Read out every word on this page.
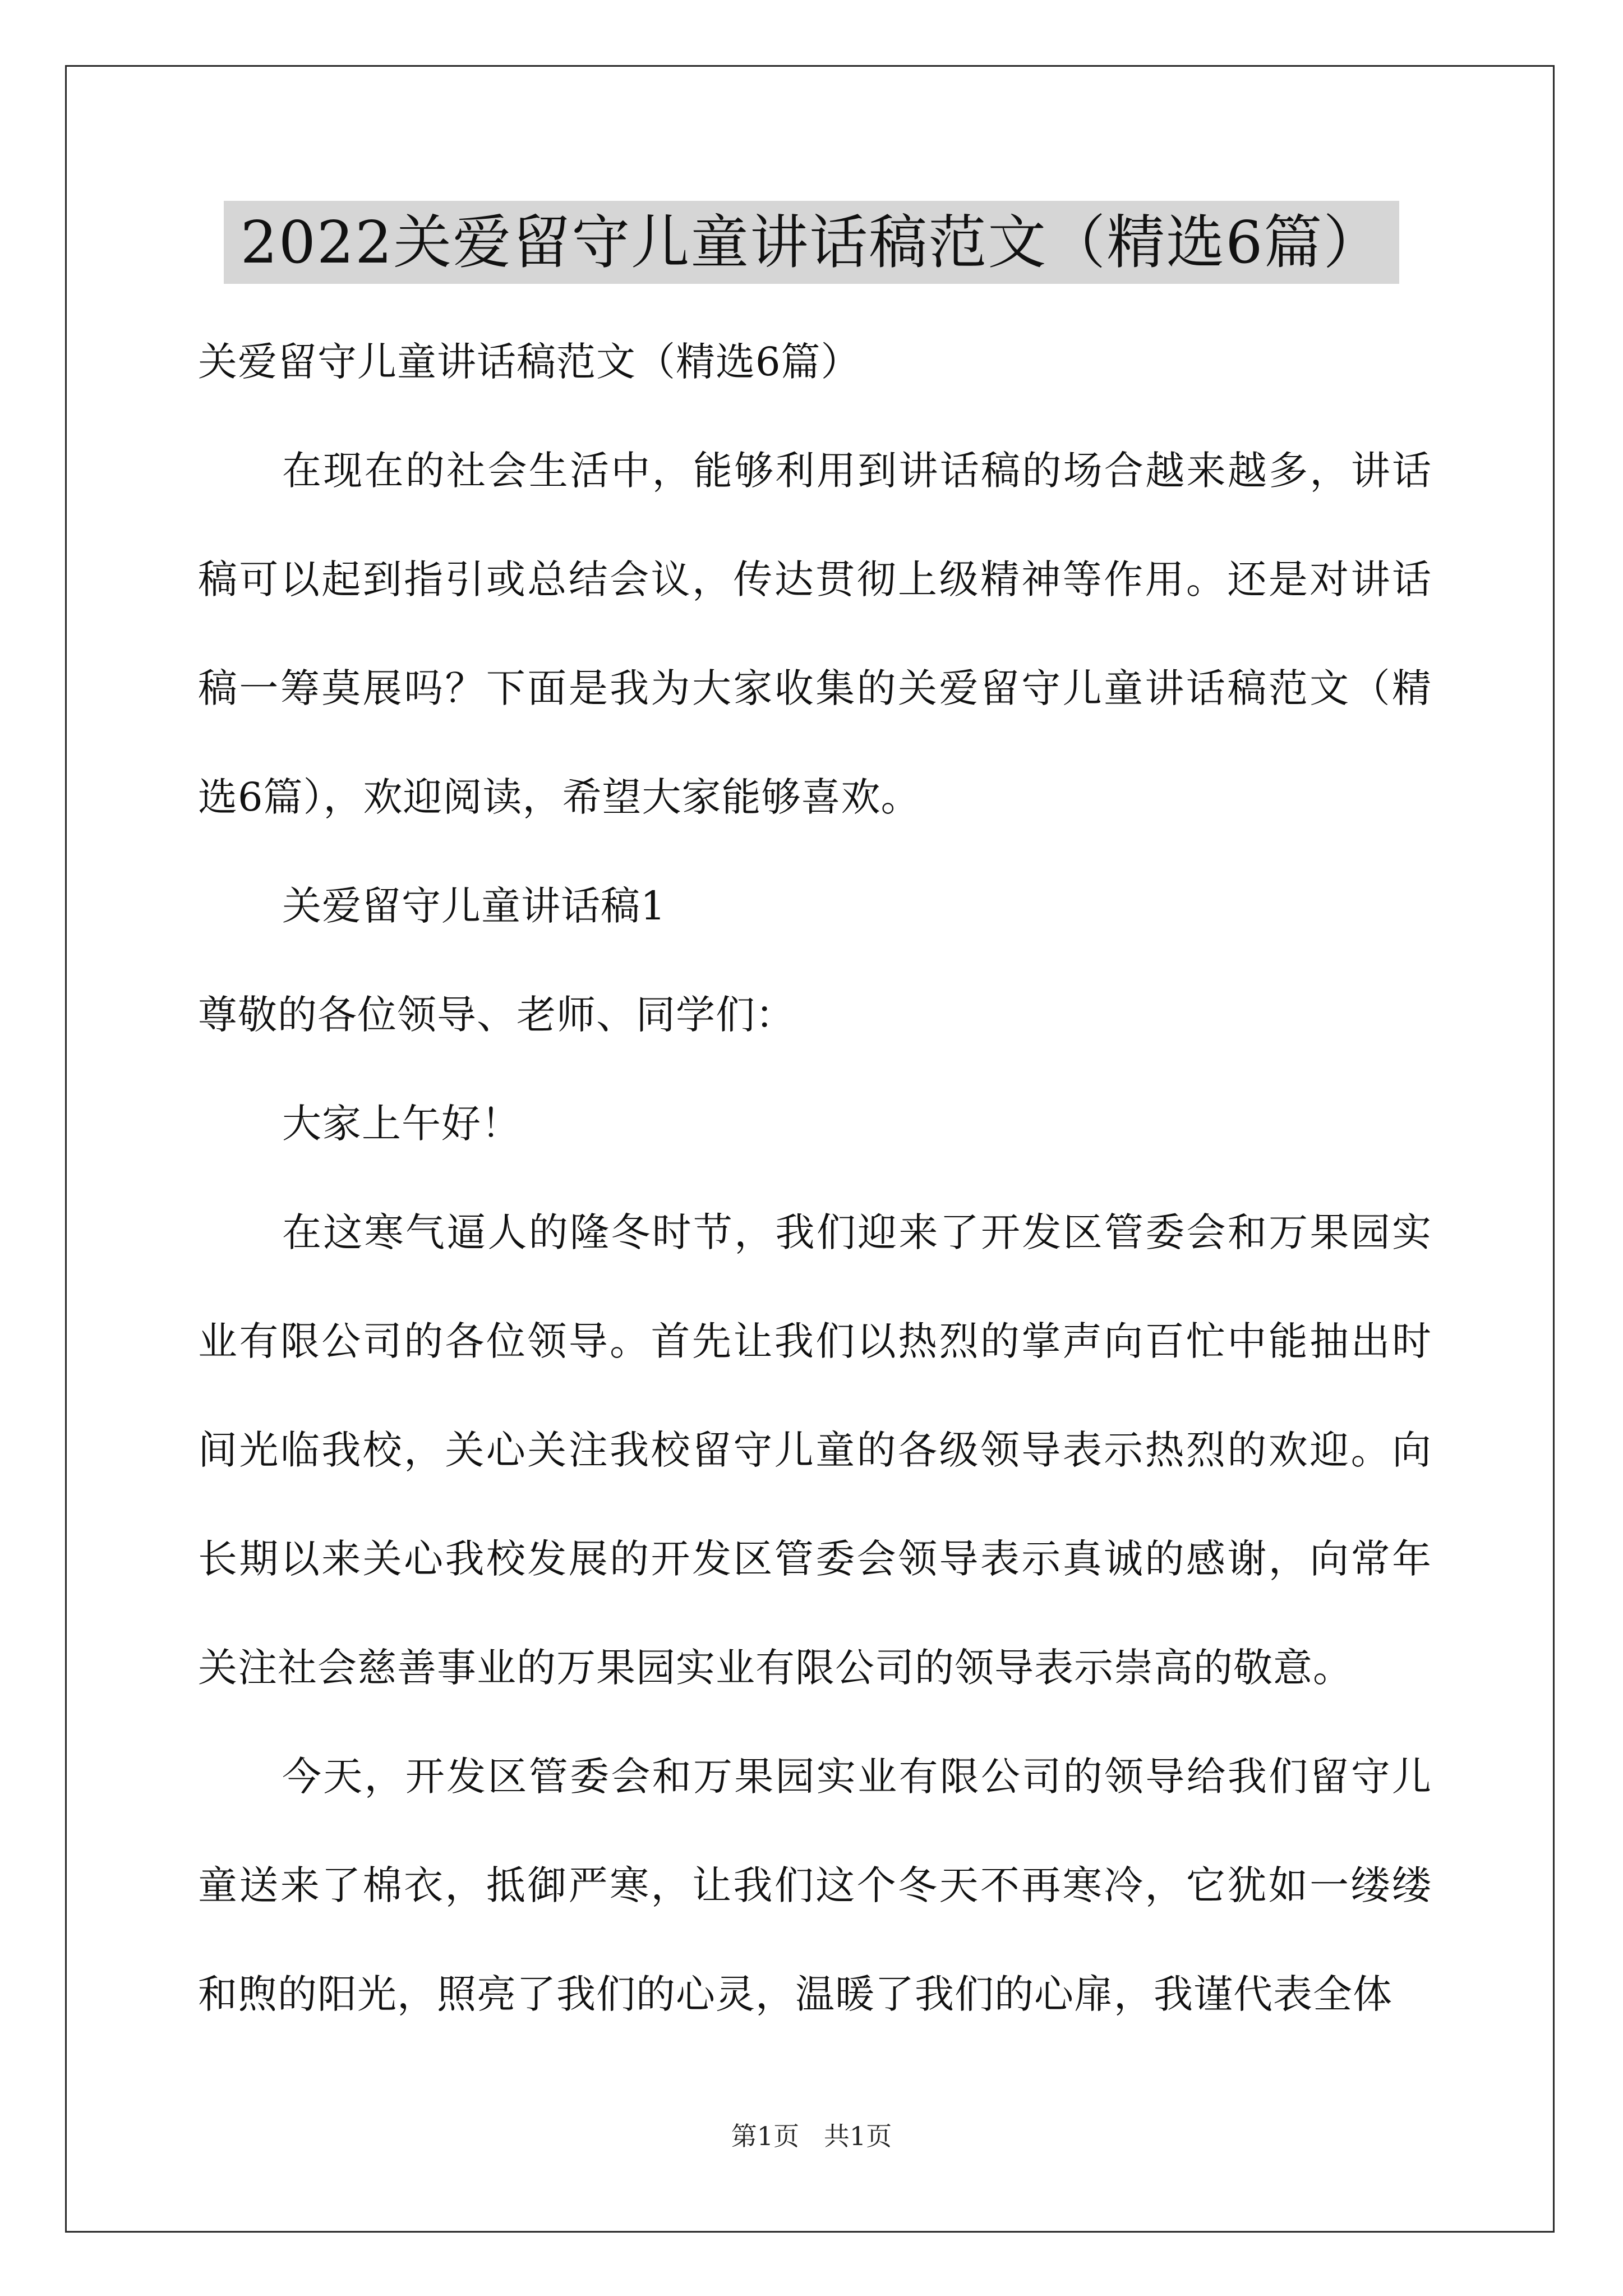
2022关爱留守儿童讲话稿范文（精选6篇）

关爱留守儿童讲话稿范文（精选6篇）

在现在的社会生活中，能够利用到讲话稿的场合越来越多，讲话稿可以起到指引或总结会议，传达贯彻上级精神等作用。还是对讲话稿一筹莫展吗？下面是我为大家收集的关爱留守儿童讲话稿范文（精选6篇），欢迎阅读，希望大家能够喜欢。

关爱留守儿童讲话稿1

尊敬的各位领导、老师、同学们：

大家上午好！

在这寒气逼人的隆冬时节，我们迎来了开发区管委会和万果园实业有限公司的各位领导。首先让我们以热烈的掌声向百忙中能抽出时间光临我校，关心关注我校留守儿童的各级领导表示热烈的欢迎。向长期以来关心我校发展的开发区管委会领导表示真诚的感谢，向常年关注社会慈善事业的万果园实业有限公司的领导表示崇高的敬意。

今天，开发区管委会和万果园实业有限公司的领导给我们留守儿童送来了棉衣，抵御严寒，让我们这个冬天不再寒冷，它犹如一缕缕和煦的阳光，照亮了我们的心灵，温暖了我们的心扉，我谨代表全体

第1页   共1页
